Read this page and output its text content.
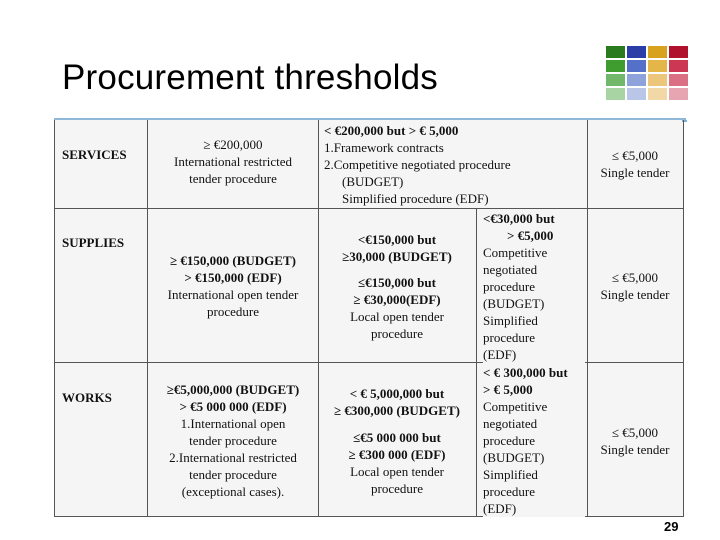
Procurement thresholds
SERVICES
≥ €200,000
International restricted
tender procedure
< €200,000 but > € 5,000
1.Framework contracts
2.Competitive negotiated procedure
(BUDGET)
Simplified procedure (EDF)
≤ €5,000
Single tender
SUPPLIES
≥ €150,000 (BUDGET)
> €150,000 (EDF)
International open tender
procedure
<€150,000 but
≥30,000 (BUDGET)
≤€150,000 but
≥ €30,000(EDF)
Local open tender
procedure
<€30,000 but
> €5,000
Competitive
negotiated
procedure
(BUDGET)
Simplified
procedure
(EDF)
≤ €5,000
Single tender
WORKS
≥€5,000,000 (BUDGET)
> €5 000 000 (EDF)
1.International open
tender procedure
2.International restricted
tender procedure
(exceptional cases).
< € 5,000,000 but
≥ €300,000 (BUDGET)
≤€5 000 000 but
≥ €300 000 (EDF)
Local open tender
procedure
< € 300,000 but
> € 5,000
Competitive
negotiated
procedure
(BUDGET)
Simplified
procedure
(EDF)
≤ €5,000
Single tender
29
